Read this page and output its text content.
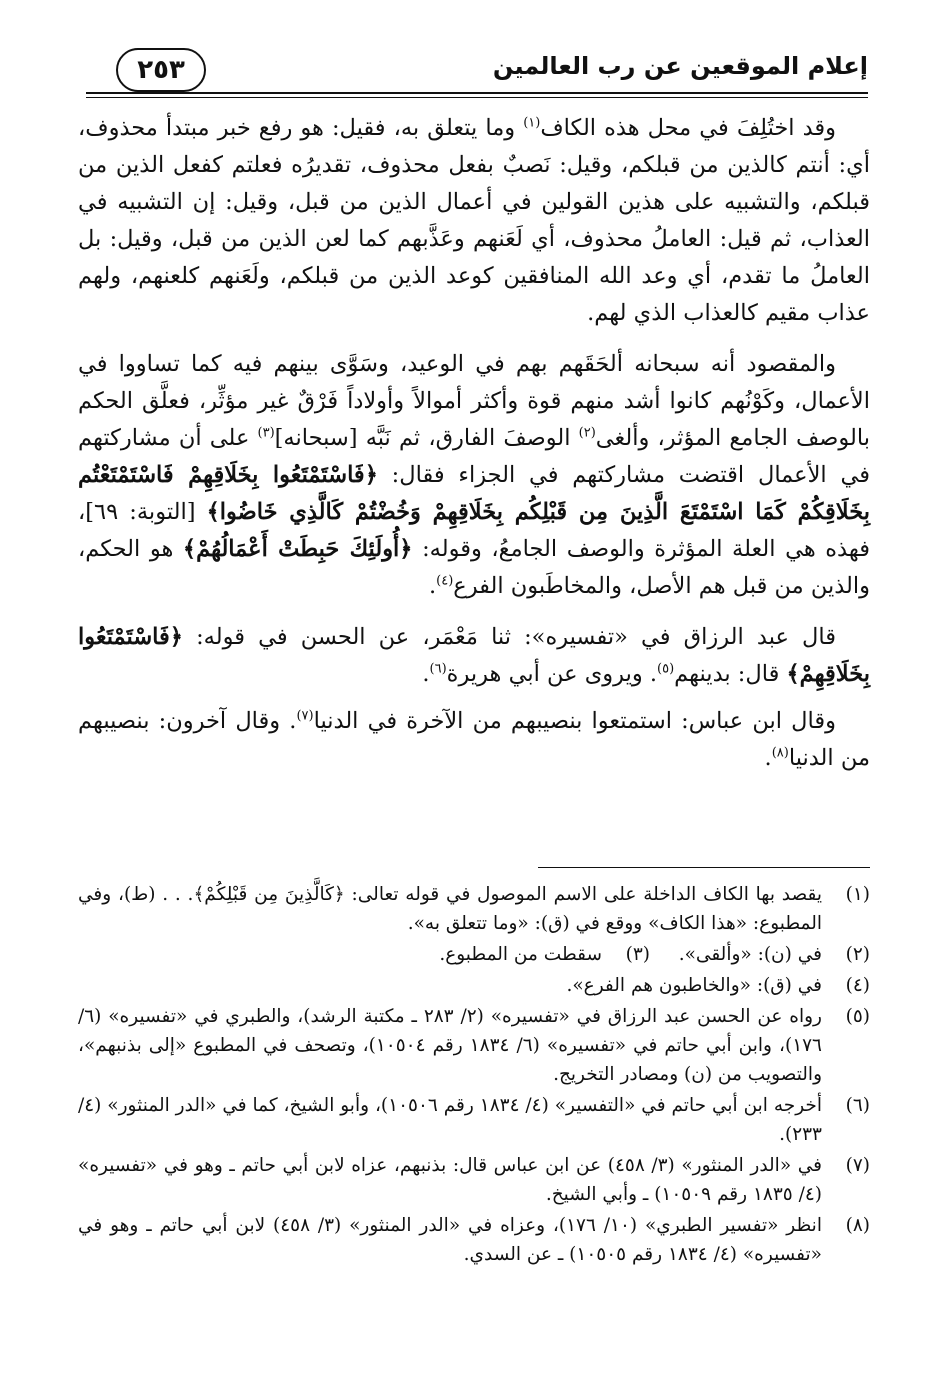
إعلام الموقعين عن رب العالمين
٢٥٣

وقد اختُلِفَ في محل هذه الكاف$^{(١)}$ وما يتعلق به، فقيل: هو رفع خبر مبتدأ محذوف، أي: أنتم كالذين من قبلكم، وقيل: نَصبٌ بفعل محذوف، تقديرُه فعلتم كفعل الذين من قبلكم، والتشبيه على هذين القولين في أعمال الذين من قبل، وقيل: إن التشبيه في العذاب، ثم قيل: العاملُ محذوف، أي لَعَنهم وعَذَّبهم كما لعن الذين من قبل، وقيل: بل العاملُ ما تقدم، أي وعد الله المنافقين كوعد الذين من قبلكم، ولَعَنهم كلعنهم، ولهم عذاب مقيم كالعذاب الذي لهم.

والمقصود أنه سبحانه ألحَقَهم بهم في الوعيد، وسَوَّى بينهم فيه كما تساووا في الأعمال، وكَوْنُهم كانوا أشد منهم قوة وأكثر أموالاً وأولاداً فَرْقٌ غير مؤثِّر، فعلَّق الحكم بالوصف الجامع المؤثر، وألغى$^{(٢)}$ الوصفَ الفارق، ثم نَبَّه [سبحانه]$^{(٣)}$ على أن مشاركتهم في الأعمال اقتضت مشاركتهم في الجزاء فقال: ﴿فَاسْتَمْتَعُوا بِخَلَاقِهِمْ فَاسْتَمْتَعْتُم بِخَلَاقِكُمْ كَمَا اسْتَمْتَعَ الَّذِينَ مِن قَبْلِكُم بِخَلَاقِهِمْ وَخُضْتُمْ كَالَّذِي خَاضُوا﴾ [التوبة: ٦٩]، فهذه هي العلة المؤثرة والوصف الجامعُ، وقوله: ﴿أُولَئِكَ حَبِطَتْ أَعْمَالُهُمْ﴾ هو الحكم، والذين من قبل هم الأصل، والمخاطَبون الفرع$^{(٤)}$.

قال عبد الرزاق في «تفسيره»: ثنا مَعْمَر، عن الحسن في قوله: ﴿فَاسْتَمْتَعُوا بِخَلَاقِهِمْ﴾ قال: بدينهم$^{(٥)}$. ويروى عن أبي هريرة$^{(٦)}$.

وقال ابن عباس: استمتعوا بنصيبهم من الآخرة في الدنيا$^{(٧)}$. وقال آخرون: بنصيبهم من الدنيا$^{(٨)}$.

(١)
يقصد بها الكاف الداخلة على الاسم الموصول في قوله تعالى: ﴿كَالَّذِينَ مِن قَبْلِكُمْ﴾. . . (ط)، وفي المطبوع: «هذا الكاف» ووقع في (ق): «وما تتعلق به».
(٢)
في (ن): «وألقى».
(٣)
سقطت من المطبوع.
(٤)
في (ق): «والخاطبون هم الفرع».
(٥)
رواه عن الحسن عبد الرزاق في «تفسيره» (٢/ ٢٨٣ ـ مكتبة الرشد)، والطبري في «تفسيره» (٦/ ١٧٦)، وابن أبي حاتم في «تفسيره» (٦/ ١٨٣٤ رقم ١٠٥٠٤)، وتصحف في المطبوع «إلى بذنبهم»، والتصويب من (ن) ومصادر التخريج.
(٦)
أخرجه ابن أبي حاتم في «التفسير» (٤/ ١٨٣٤ رقم ١٠٥٠٦)، وأبو الشيخ، كما في «الدر المنثور» (٤/ ٢٣٣).
(٧)
في «الدر المنثور» (٣/ ٤٥٨) عن ابن عباس قال: بذنبهم، عزاه لابن أبي حاتم ـ وهو في «تفسيره» (٤/ ١٨٣٥ رقم ١٠٥٠٩) ـ وأبي الشيخ.
(٨)
انظر «تفسير الطبري» (١٠/ ١٧٦)، وعزاه في «الدر المنثور» (٣/ ٤٥٨) لابن أبي حاتم ـ وهو في «تفسيره» (٤/ ١٨٣٤ رقم ١٠٥٠٥) ـ عن السدي.
